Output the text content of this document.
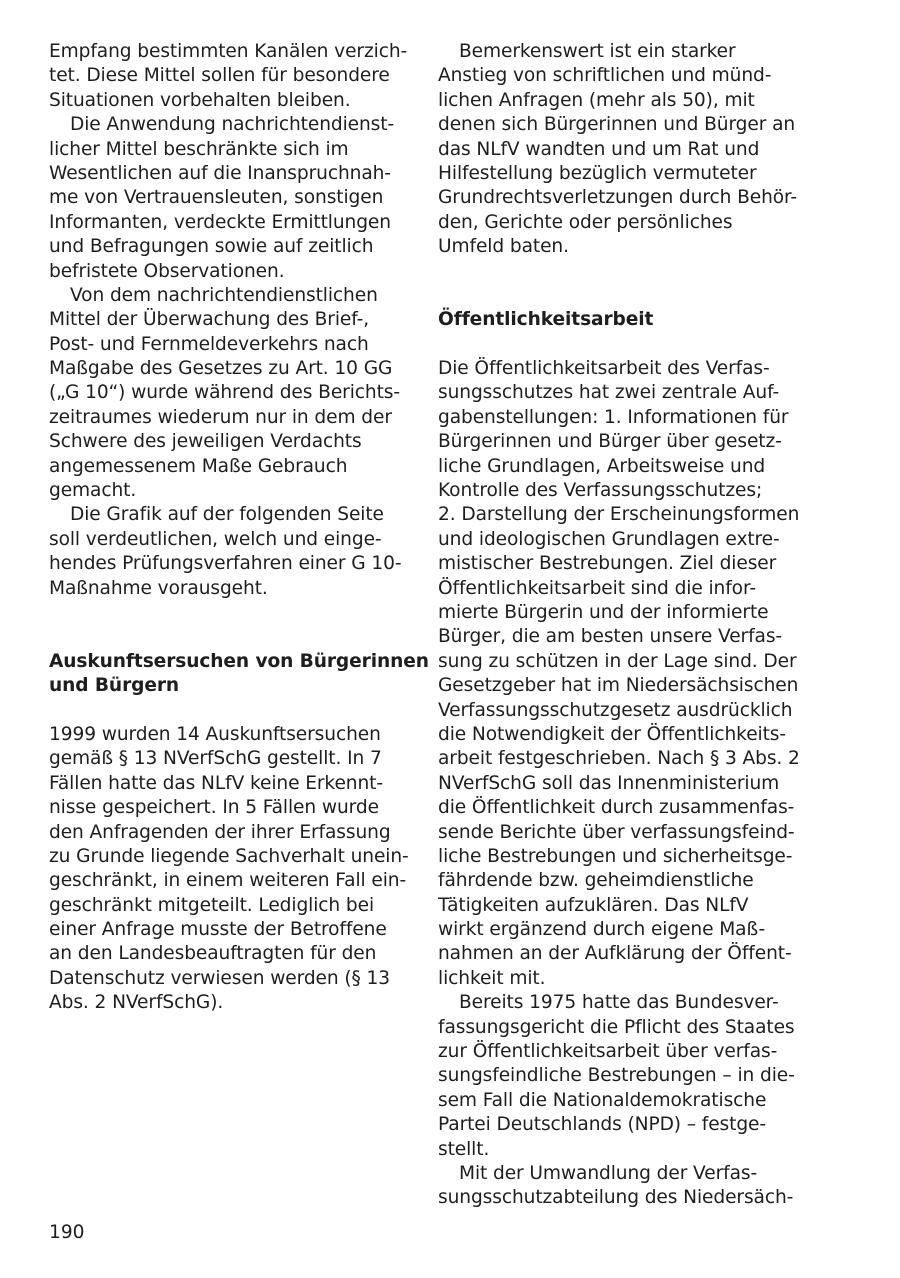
Empfang bestimmten Kanälen verzich-
tet. Diese Mittel sollen für besondere
Situationen vorbehalten bleiben.
Die Anwendung nachrichtendienst-
licher Mittel beschränkte sich im
Wesentlichen auf die Inanspruchnah-
me von Vertrauensleuten, sonstigen
Informanten, verdeckte Ermittlungen
und Befragungen sowie auf zeitlich
befristete Observationen.
Von dem nachrichtendienstlichen
Mittel der Überwachung des Brief-,
Post- und Fernmeldeverkehrs nach
Maßgabe des Gesetzes zu Art. 10 GG
(„G 10“) wurde während des Berichts-
zeitraumes wiederum nur in dem der
Schwere des jeweiligen Verdachts
angemessenem Maße Gebrauch
gemacht.
Die Grafik auf der folgenden Seite
soll verdeutlichen, welch und einge-
hendes Prüfungsverfahren einer G 10-
Maßnahme vorausgeht.
Auskunftsersuchen von Bürgerinnen
und Bürgern
1999 wurden 14 Auskunftsersuchen
gemäß § 13 NVerfSchG gestellt. In 7
Fällen hatte das NLfV keine Erkennt-
nisse gespeichert. In 5 Fällen wurde
den Anfragenden der ihrer Erfassung
zu Grunde liegende Sachverhalt unein-
geschränkt, in einem weiteren Fall ein-
geschränkt mitgeteilt. Lediglich bei
einer Anfrage musste der Betroffene
an den Landesbeauftragten für den
Datenschutz verwiesen werden (§ 13
Abs. 2 NVerfSchG).
Bemerkenswert ist ein starker
Anstieg von schriftlichen und münd-
lichen Anfragen (mehr als 50), mit
denen sich Bürgerinnen und Bürger an
das NLfV wandten und um Rat und
Hilfestellung bezüglich vermuteter
Grundrechtsverletzungen durch Behör-
den, Gerichte oder persönliches
Umfeld baten.
Öffentlichkeitsarbeit
Die Öffentlichkeitsarbeit des Verfas-
sungsschutzes hat zwei zentrale Auf-
gabenstellungen: 1. Informationen für
Bürgerinnen und Bürger über gesetz-
liche Grundlagen, Arbeitsweise und
Kontrolle des Verfassungsschutzes;
2. Darstellung der Erscheinungsformen
und ideologischen Grundlagen extre-
mistischer Bestrebungen. Ziel dieser
Öffentlichkeitsarbeit sind die infor-
mierte Bürgerin und der informierte
Bürger, die am besten unsere Verfas-
sung zu schützen in der Lage sind. Der
Gesetzgeber hat im Niedersächsischen
Verfassungsschutzgesetz ausdrücklich
die Notwendigkeit der Öffentlichkeits-
arbeit festgeschrieben. Nach § 3 Abs. 2
NVerfSchG soll das Innenministerium
die Öffentlichkeit durch zusammenfas-
sende Berichte über verfassungsfeind-
liche Bestrebungen und sicherheitsge-
fährdende bzw. geheimdienstliche
Tätigkeiten aufzuklären. Das NLfV
wirkt ergänzend durch eigene Maß-
nahmen an der Aufklärung der Öffent-
lichkeit mit.
Bereits 1975 hatte das Bundesver-
fassungsgericht die Pflicht des Staates
zur Öffentlichkeitsarbeit über verfas-
sungsfeindliche Bestrebungen – in die-
sem Fall die Nationaldemokratische
Partei Deutschlands (NPD) – festge-
stellt.
Mit der Umwandlung der Verfas-
sungsschutzabteilung des Niedersäch-
190
